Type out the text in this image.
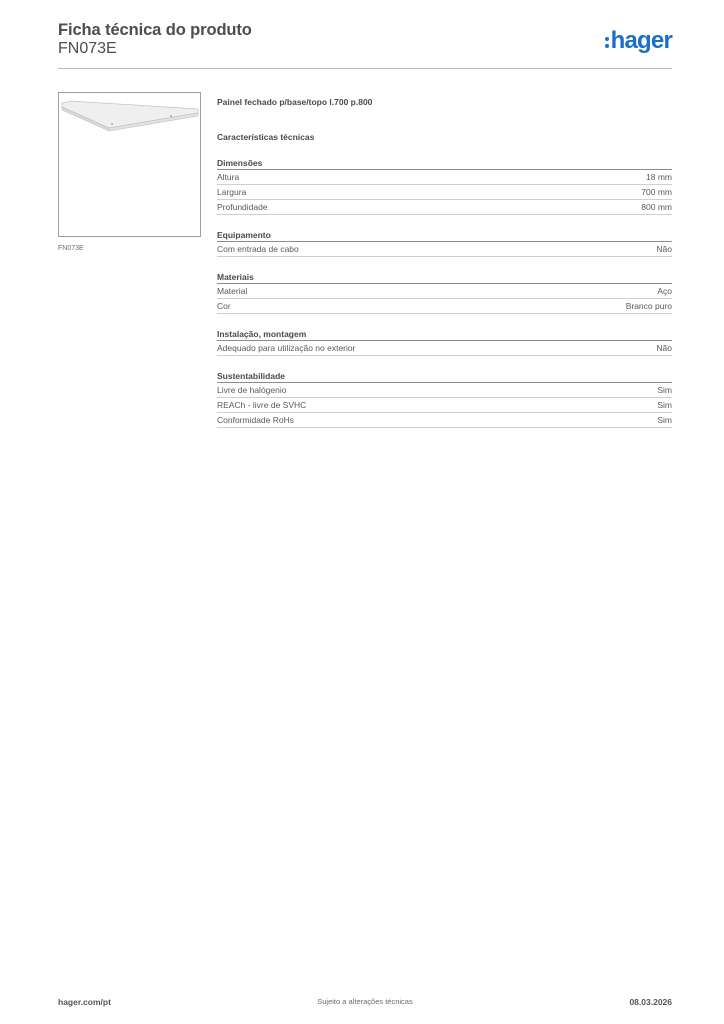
Ficha técnica do produto
FN073E	hager
FN073E
Painel fechado p/base/topo l.700 p.800
Características técnicas
Dimensões
Altura	18 mm
Largura	700 mm
Profundidade	800 mm
Equipamento
Com entrada de cabo	Não
Materiais
Material	Aço
Cor	Branco puro
Instalação, montagem
Adequado para utilização no exterior	Não
Sustentabilidade
Livre de halógenio	Sim
REACh - livre de SVHC	Sim
Conformidade RoHs	Sim
hager.com/pt	Sujeito a alterações técnicas	08.03.2026
